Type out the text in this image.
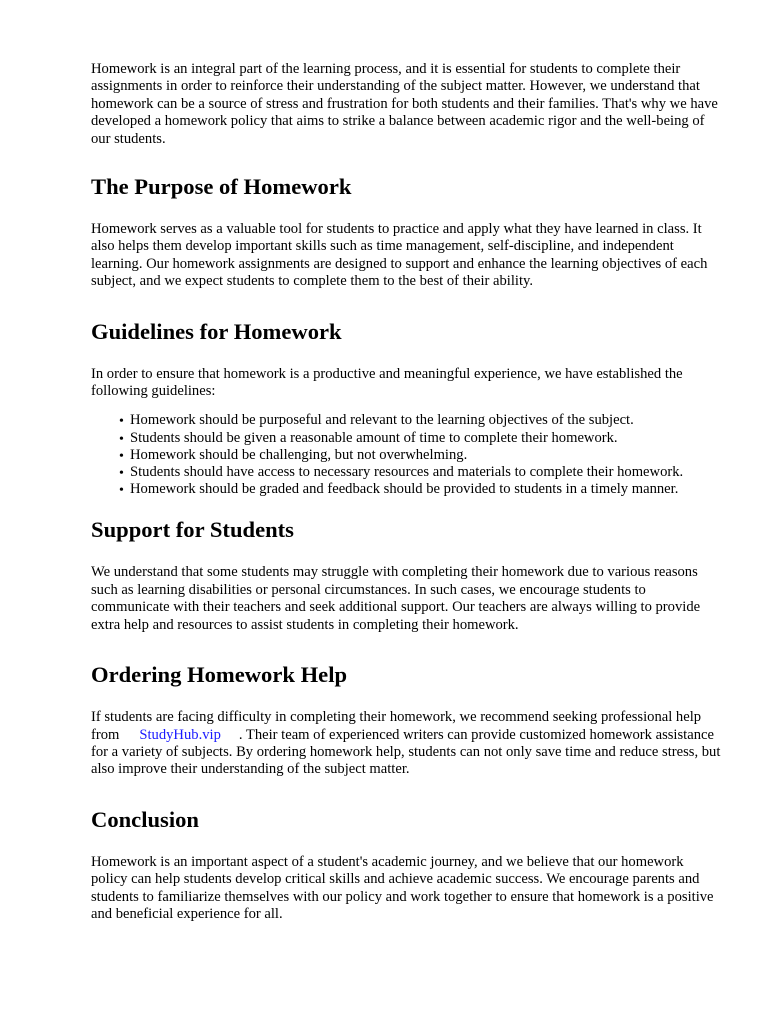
Homework is an integral part of the learning process, and it is essential for students to complete their assignments in order to reinforce their understanding of the subject matter. However, we understand that homework can be a source of stress and frustration for both students and their families. That's why we have developed a homework policy that aims to strike a balance between academic rigor and the well-being of our students.

The Purpose of Homework

Homework serves as a valuable tool for students to practice and apply what they have learned in class. It also helps them develop important skills such as time management, self-discipline, and independent learning. Our homework assignments are designed to support and enhance the learning objectives of each subject, and we expect students to complete them to the best of their ability.

Guidelines for Homework

In order to ensure that homework is a productive and meaningful experience, we have established the following guidelines:

• Homework should be purposeful and relevant to the learning objectives of the subject.
• Students should be given a reasonable amount of time to complete their homework.
• Homework should be challenging, but not overwhelming.
• Students should have access to necessary resources and materials to complete their homework.
• Homework should be graded and feedback should be provided to students in a timely manner.
Support for Students

We understand that some students may struggle with completing their homework due to various reasons such as learning disabilities or personal circumstances. In such cases, we encourage students to communicate with their teachers and seek additional support. Our teachers are always willing to provide extra help and resources to assist students in completing their homework.

Ordering Homework Help

If students are facing difficulty in completing their homework, we recommend seeking professional help from StudyHub.vip . Their team of experienced writers can provide customized homework assistance for a variety of subjects. By ordering homework help, students can not only save time and reduce stress, but also improve their understanding of the subject matter.

Conclusion

Homework is an important aspect of a student's academic journey, and we believe that our homework policy can help students develop critical skills and achieve academic success. We encourage parents and students to familiarize themselves with our policy and work together to ensure that homework is a positive and beneficial experience for all.
